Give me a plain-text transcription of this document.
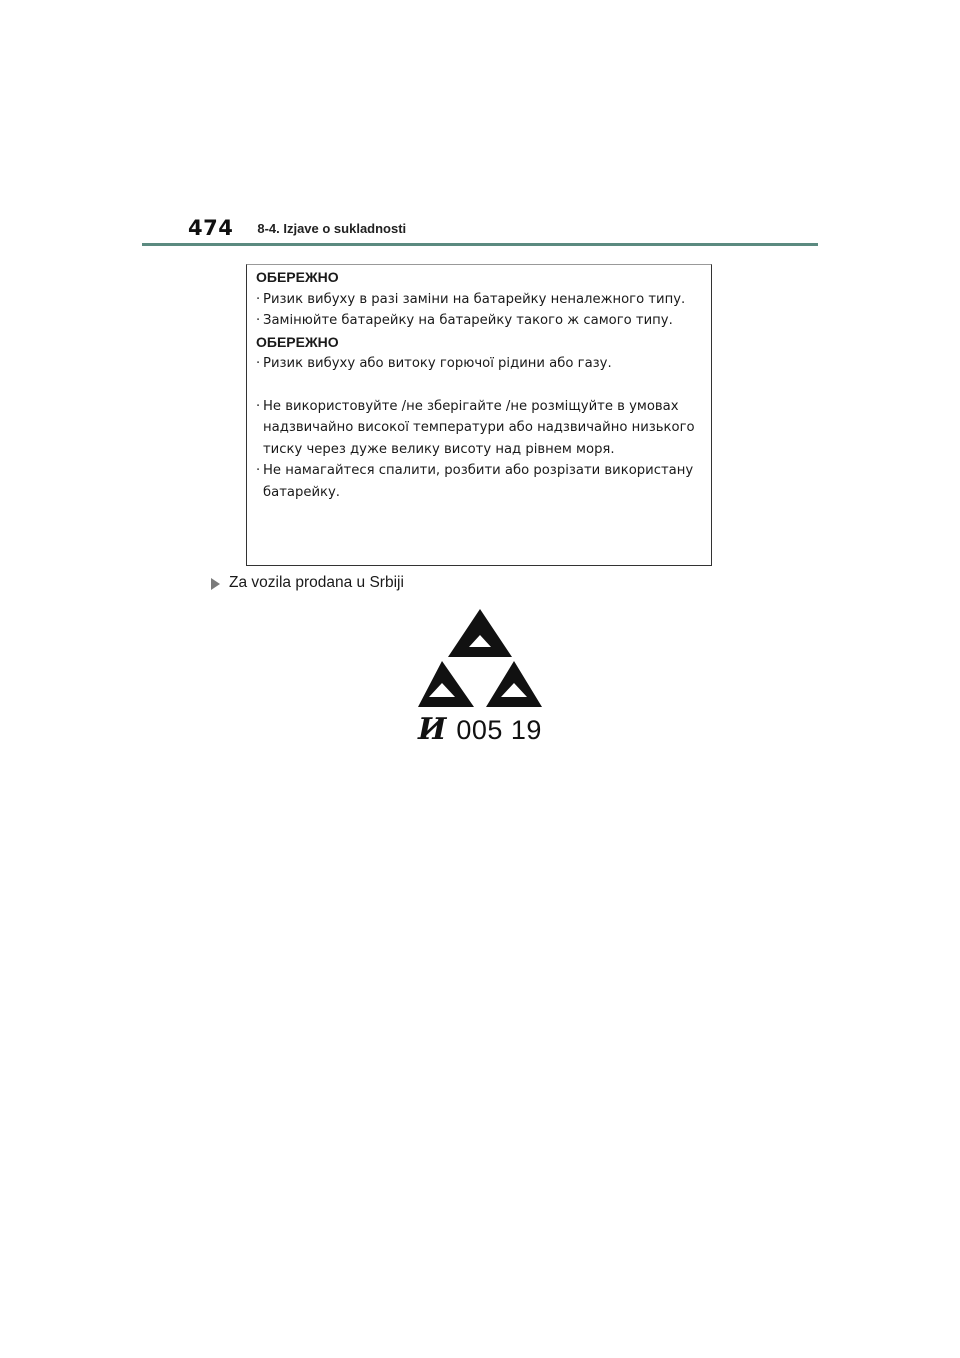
474 8-4. Izjave o sukladnosti

ОБЕРЕЖНО

· Ризик вибуху в разі заміни на батарейку неналежного типу.
· Замінюйте батарейку на батарейку такого ж самого типу.

ОБЕРЕЖНО

· Ризик вибуху або витоку горючої рідини або газу.
· Не використовуйте /не зберігайте /не розміщуйте в умовах надзвичайно високої температури або надзвичайно низького тиску через дуже велику висоту над рівнем моря.
· Не намагайтеся спалити, розбити або розрізати використану батарейку.
Za vozila prodana u Srbiji
И 005 19
